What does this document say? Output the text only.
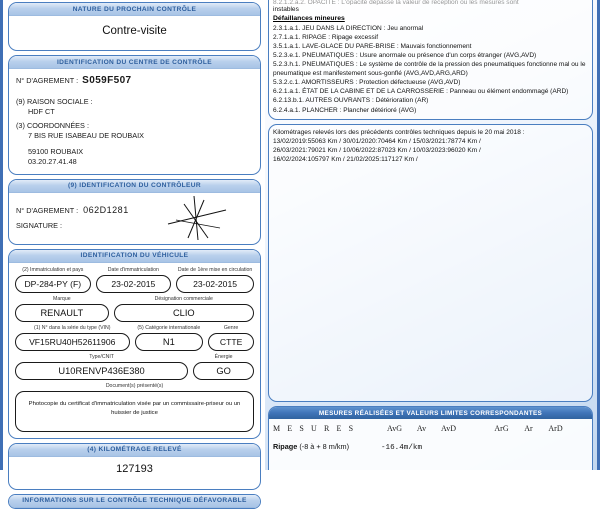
NATURE DU PROCHAIN CONTRÔLE
Contre-visite
IDENTIFICATION DU CENTRE DE CONTRÔLE
N° D'AGREMENT : S059F507
(9) RAISON SOCIALE :
HDF CT
(3) COORDONNÉES :
7 BIS RUE ISABEAU DE ROUBAIX
59100 ROUBAIX
03.20.27.41.48
(9) IDENTIFICATION DU CONTRÔLEUR
N° D'AGREMENT : 062D1281
SIGNATURE :
IDENTIFICATION DU VÉHICULE
(2) Immatriculation et pays
DP-284-PY (F)
Date d'immatriculation
23-02-2015
Date de 1ère mise en circulation
23-02-2015
Marque
RENAULT
Désignation commerciale
CLIO
(1) N° dans la série du type (VIN)
VF15RU40H52611906
(5) Catégorie internationale
N1
Genre
CTTE
Type/CNIT
U10RENVP436E380
Énergie
GO
Document(s) présenté(s)
Photocopie du certificat d'immatriculation visée par un commissaire-priseur ou un huissier de justice
(4) KILOMÉTRAGE RELEVÉ
127193
INFORMATIONS SUR LE CONTRÔLE TECHNIQUE DÉFAVORABLE
8.2.1.2.a.2. OPACITÉ : L'opacité dépasse la valeur de réception ou les mesures sont
instables
Défaillances mineures
2.3.1.a.1. JEU DANS LA DIRECTION : Jeu anormal
2.7.1.a.1. RIPAGE : Ripage excessif
3.5.1.a.1. LAVE-GLACE DU PARE-BRISE : Mauvais fonctionnement
5.2.3.e.1. PNEUMATIQUES : Usure anormale ou présence d'un corps étranger (AVG,AVD)
5.2.3.h.1. PNEUMATIQUES : Le système de contrôle de la pression des pneumatiques fonctionne mal ou le pneumatique est manifestement sous-gonflé (AVG,AVD,ARG,ARD)
5.3.2.c.1. AMORTISSEURS : Protection défectueuse (AVG,AVD)
6.2.1.a.1. ÉTAT DE LA CABINE ET DE LA CARROSSERIE : Panneau ou élément endommagé (ARD)
6.2.13.b.1. AUTRES OUVRANTS : Détérioration (AR)
6.2.4.a.1. PLANCHER : Plancher détérioré (AVG)
Kilométrages relevés lors des précédents contrôles techniques depuis le 20 mai 2018 :
13/02/2019:55063 Km / 30/01/2020:70464 Km / 15/03/2021:78774 Km /
26/03/2021:79021 Km / 10/06/2022:87023 Km / 10/03/2023:96020 Km /
16/02/2024:105797 Km / 21/02/2025:117127 Km /
MESURES RÉALISÉES ET VALEURS LIMITES CORRESPONDANTES
M E S U R E S	AvG	Av	AvD	ArG	Ar	ArD
Ripage (-8 à + 8 m/km)	-16.4m/km
